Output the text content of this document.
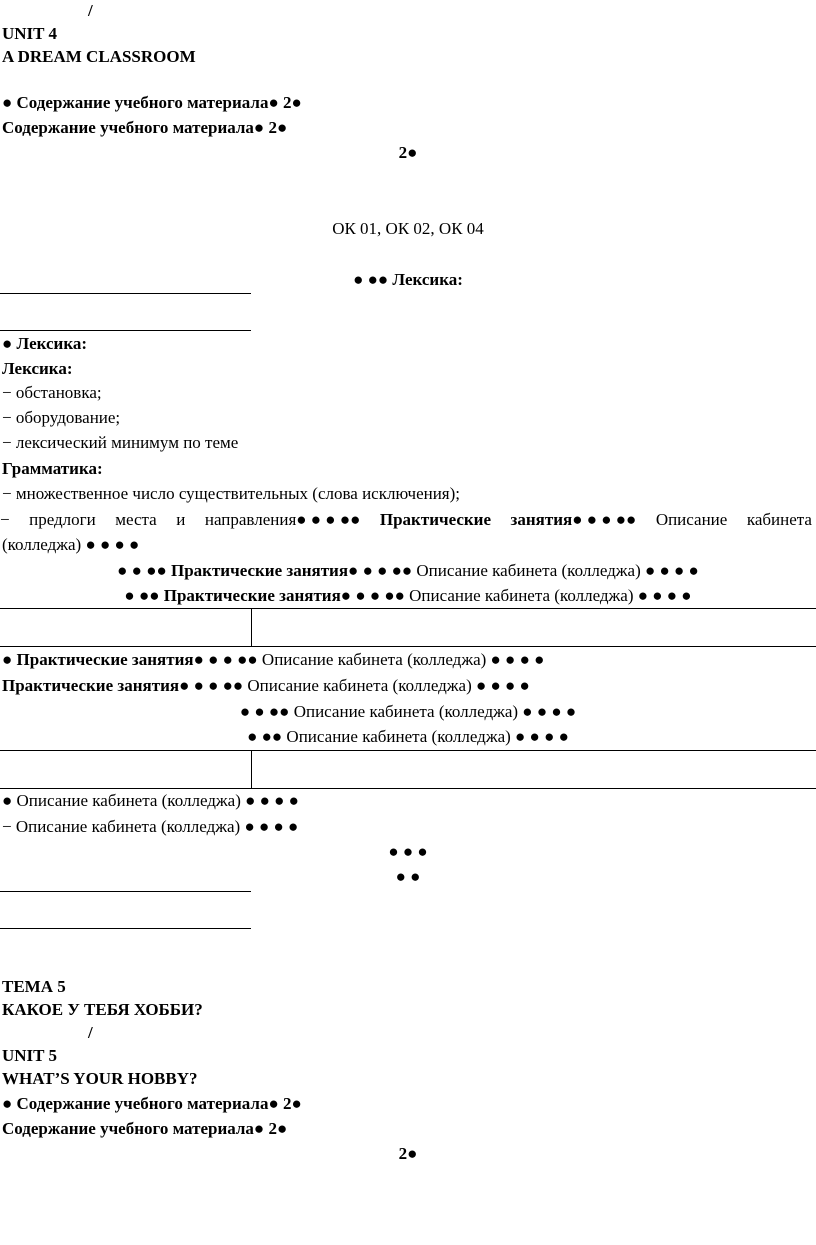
/
UNIT 4
A DREAM CLASSROOM
● Содержание учебного материала● 2●
Содержание учебного материала● 2●
2●
ОК 01, ОК 02, ОК 04
● ●● Лексика:
● Лексика:
Лексика:
− обстановка;
− оборудование;
− лексический минимум по теме
Грамматика:
− множественное число существительных (слова исключения);
− предлоги места и направления● ● ● ●● Практические занятия● ● ● ●● Описание кабинета
(колледжа) ● ● ● ●
● ● ●● Практические занятия● ● ● ●● Описание кабинета (колледжа) ● ● ● ●
● ●● Практические занятия● ● ● ●● Описание кабинета (колледжа) ● ● ● ●
● Практические занятия● ● ● ●● Описание кабинета (колледжа) ● ● ● ●
Практические занятия● ● ● ●● Описание кабинета (колледжа) ● ● ● ●
● ● ●● Описание кабинета (колледжа) ● ● ● ●
● ●● Описание кабинета (колледжа) ● ● ● ●
● Описание кабинета (колледжа) ● ● ● ●
− Описание кабинета (колледжа) ● ● ● ●
● ● ●
● ●
ТЕМА 5
КАКОЕ У ТЕБЯ ХОББИ?
/
UNIT 5
WHAT’S YOUR HOBBY?
● Содержание учебного материала● 2●
Содержание учебного материала● 2●
2●
